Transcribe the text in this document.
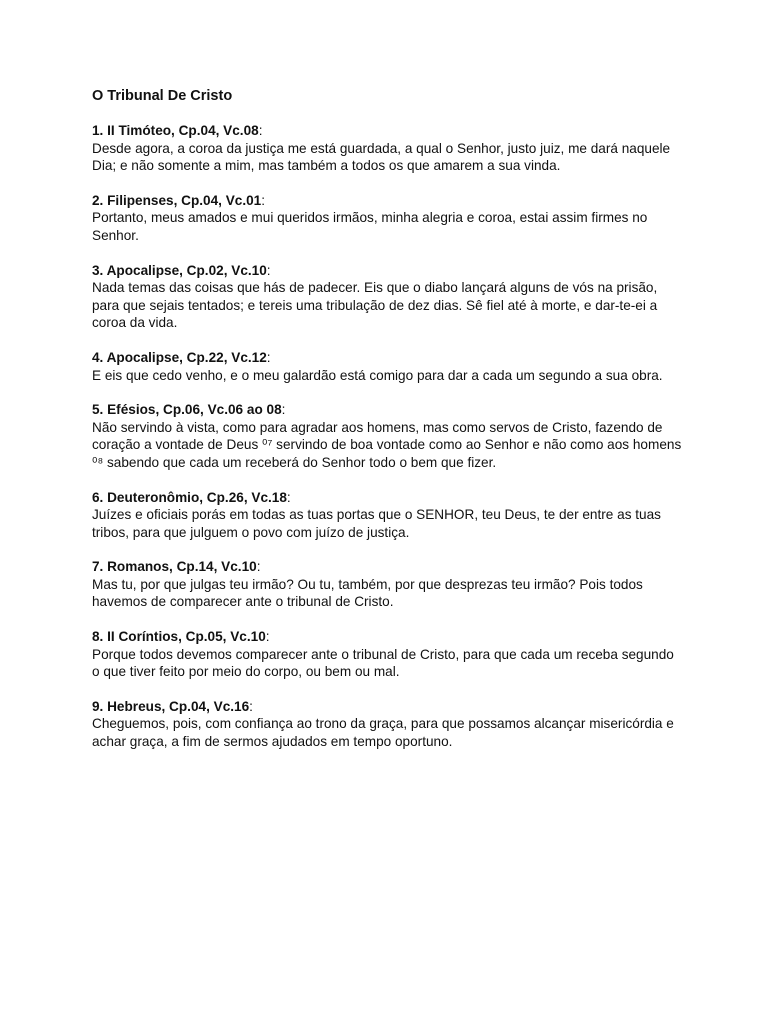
O Tribunal De Cristo
1. II Timóteo, Cp.04, Vc.08:
Desde agora, a coroa da justiça me está guardada, a qual o Senhor, justo juiz, me dará naquele Dia; e não somente a mim, mas também a todos os que amarem a sua vinda.
2. Filipenses, Cp.04, Vc.01:
Portanto, meus amados e mui queridos irmãos, minha alegria e coroa, estai assim firmes no Senhor.
3. Apocalipse, Cp.02, Vc.10:
Nada temas das coisas que hás de padecer. Eis que o diabo lançará alguns de vós na prisão, para que sejais tentados; e tereis uma tribulação de dez dias. Sê fiel até à morte, e dar-te-ei a coroa da vida.
4. Apocalipse, Cp.22, Vc.12:
E eis que cedo venho, e o meu galardão está comigo para dar a cada um segundo a sua obra.
5. Efésios, Cp.06, Vc.06 ao 08:
Não servindo à vista, como para agradar aos homens, mas como servos de Cristo, fazendo de coração a vontade de Deus ⁰⁷ servindo de boa vontade como ao Senhor e não como aos homens ⁰⁸ sabendo que cada um receberá do Senhor todo o bem que fizer.
6. Deuteronômio, Cp.26, Vc.18:
Juízes e oficiais porás em todas as tuas portas que o SENHOR, teu Deus, te der entre as tuas tribos, para que julguem o povo com juízo de justiça.
7. Romanos, Cp.14, Vc.10:
Mas tu, por que julgas teu irmão? Ou tu, também, por que desprezas teu irmão? Pois todos havemos de comparecer ante o tribunal de Cristo.
8. II Coríntios, Cp.05, Vc.10:
Porque todos devemos comparecer ante o tribunal de Cristo, para que cada um receba segundo o que tiver feito por meio do corpo, ou bem ou mal.
9. Hebreus, Cp.04, Vc.16:
Cheguemos, pois, com confiança ao trono da graça, para que possamos alcançar misericórdia e achar graça, a fim de sermos ajudados em tempo oportuno.
